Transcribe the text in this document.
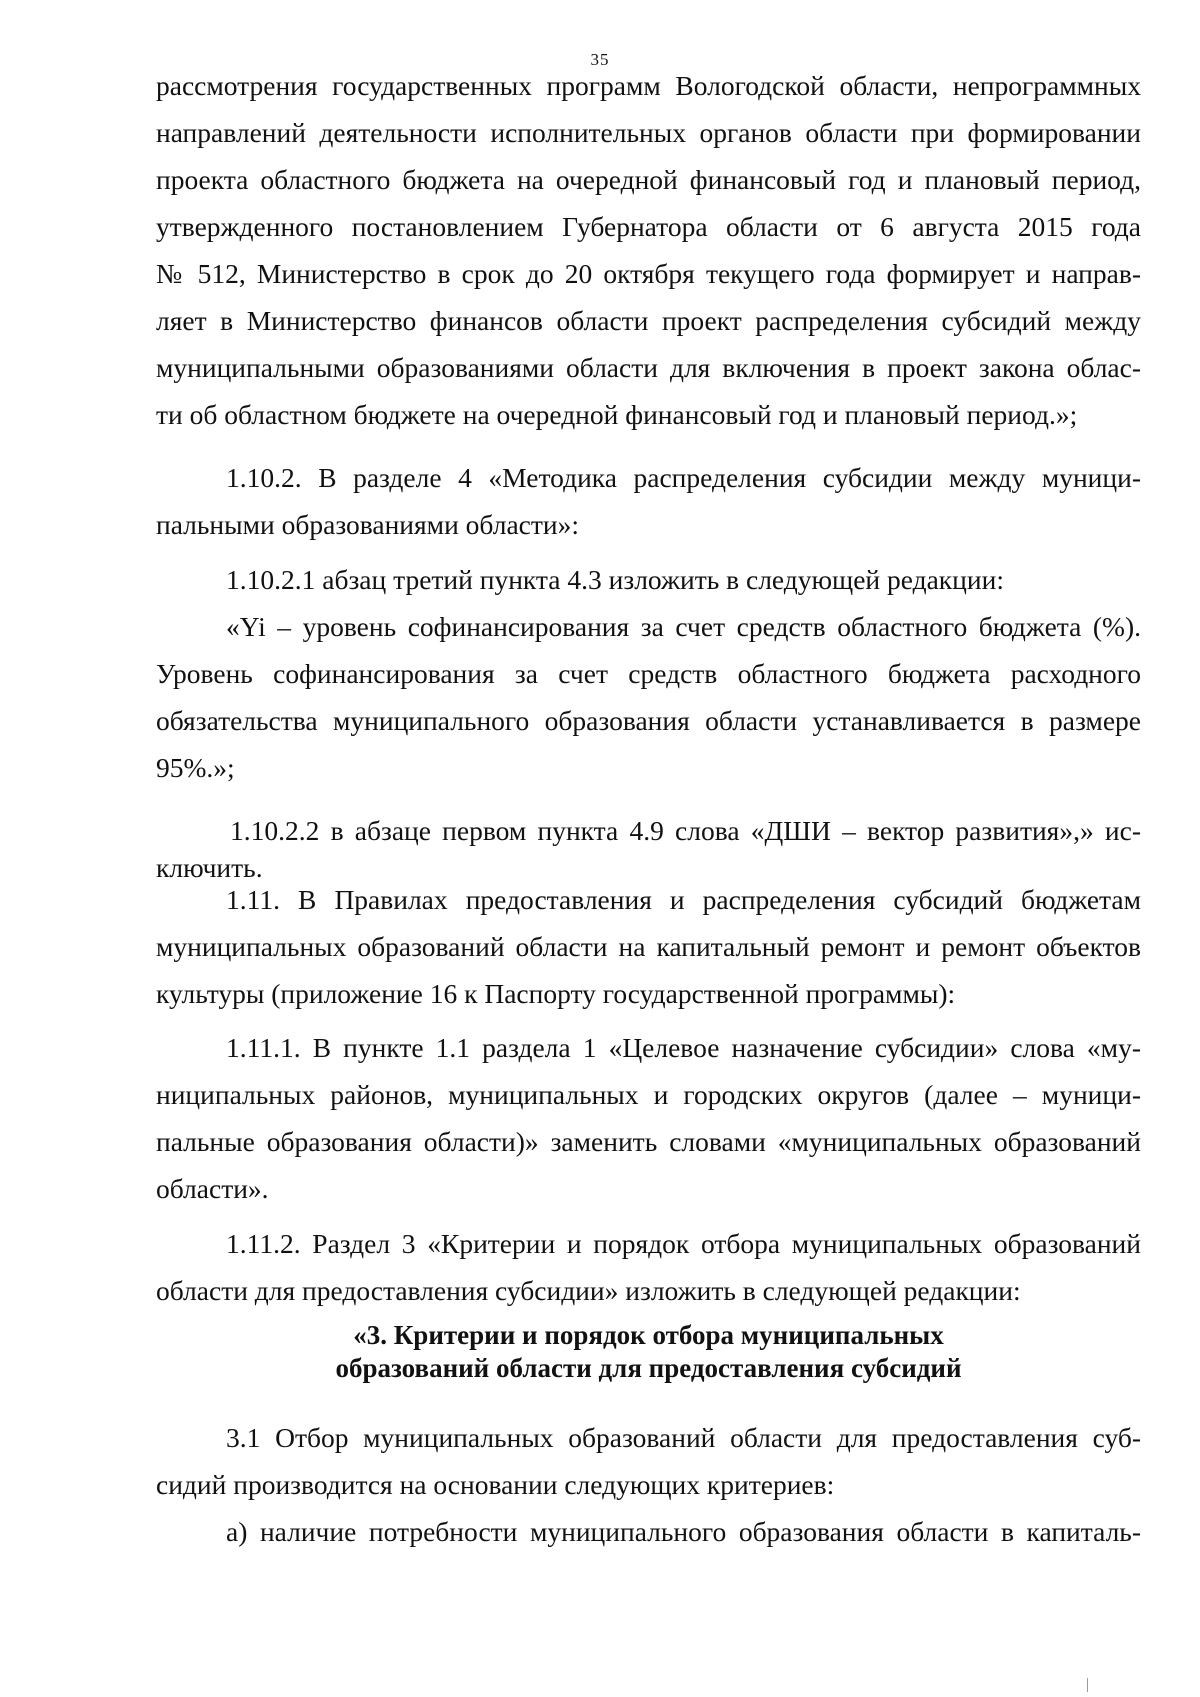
35
рассмотрения государственных программ Вологодской области, непрограммных
направлений деятельности исполнительных органов области при формировании
проекта областного бюджета на очередной финансовый год и плановый период,
утвержденного постановлением Губернатора области от 6 августа 2015 года
№ 512, Министерство в срок до 20 октября текущего года формирует и направ-
ляет в Министерство финансов области проект распределения субсидий между
муниципальными образованиями области для включения в проект закона облас-
ти об областном бюджете на очередной финансовый год и плановый период.»;
1.10.2. В разделе 4 «Методика распределения субсидии между муници-
пальными образованиями области»:
1.10.2.1 абзац третий пункта 4.3 изложить в следующей редакции:
«Yi – уровень софинансирования за счет средств областного бюджета (%).
Уровень софинансирования за счет средств областного бюджета расходного
обязательства муниципального образования области устанавливается в размере
95%.»;
1.10.2.2 в абзаце первом пункта 4.9 слова «ДШИ – вектор развития»,» ис-
ключить.
1.11. В Правилах предоставления и распределения субсидий бюджетам
муниципальных образований области на капитальный ремонт и ремонт объектов
культуры (приложение 16 к Паспорту государственной программы):
1.11.1. В пункте 1.1 раздела 1 «Целевое назначение субсидии» слова «му-
ниципальных районов, муниципальных и городских округов (далее – муници-
пальные образования области)» заменить словами «муниципальных образований
области».
1.11.2. Раздел 3 «Критерии и порядок отбора муниципальных образований
области для предоставления субсидии» изложить в следующей редакции:
«3. Критерии и порядок отбора муниципальных
образований области для предоставления субсидий
3.1 Отбор муниципальных образований области для предоставления суб-
сидий производится на основании следующих критериев:
а) наличие потребности муниципального образования области в капиталь-
